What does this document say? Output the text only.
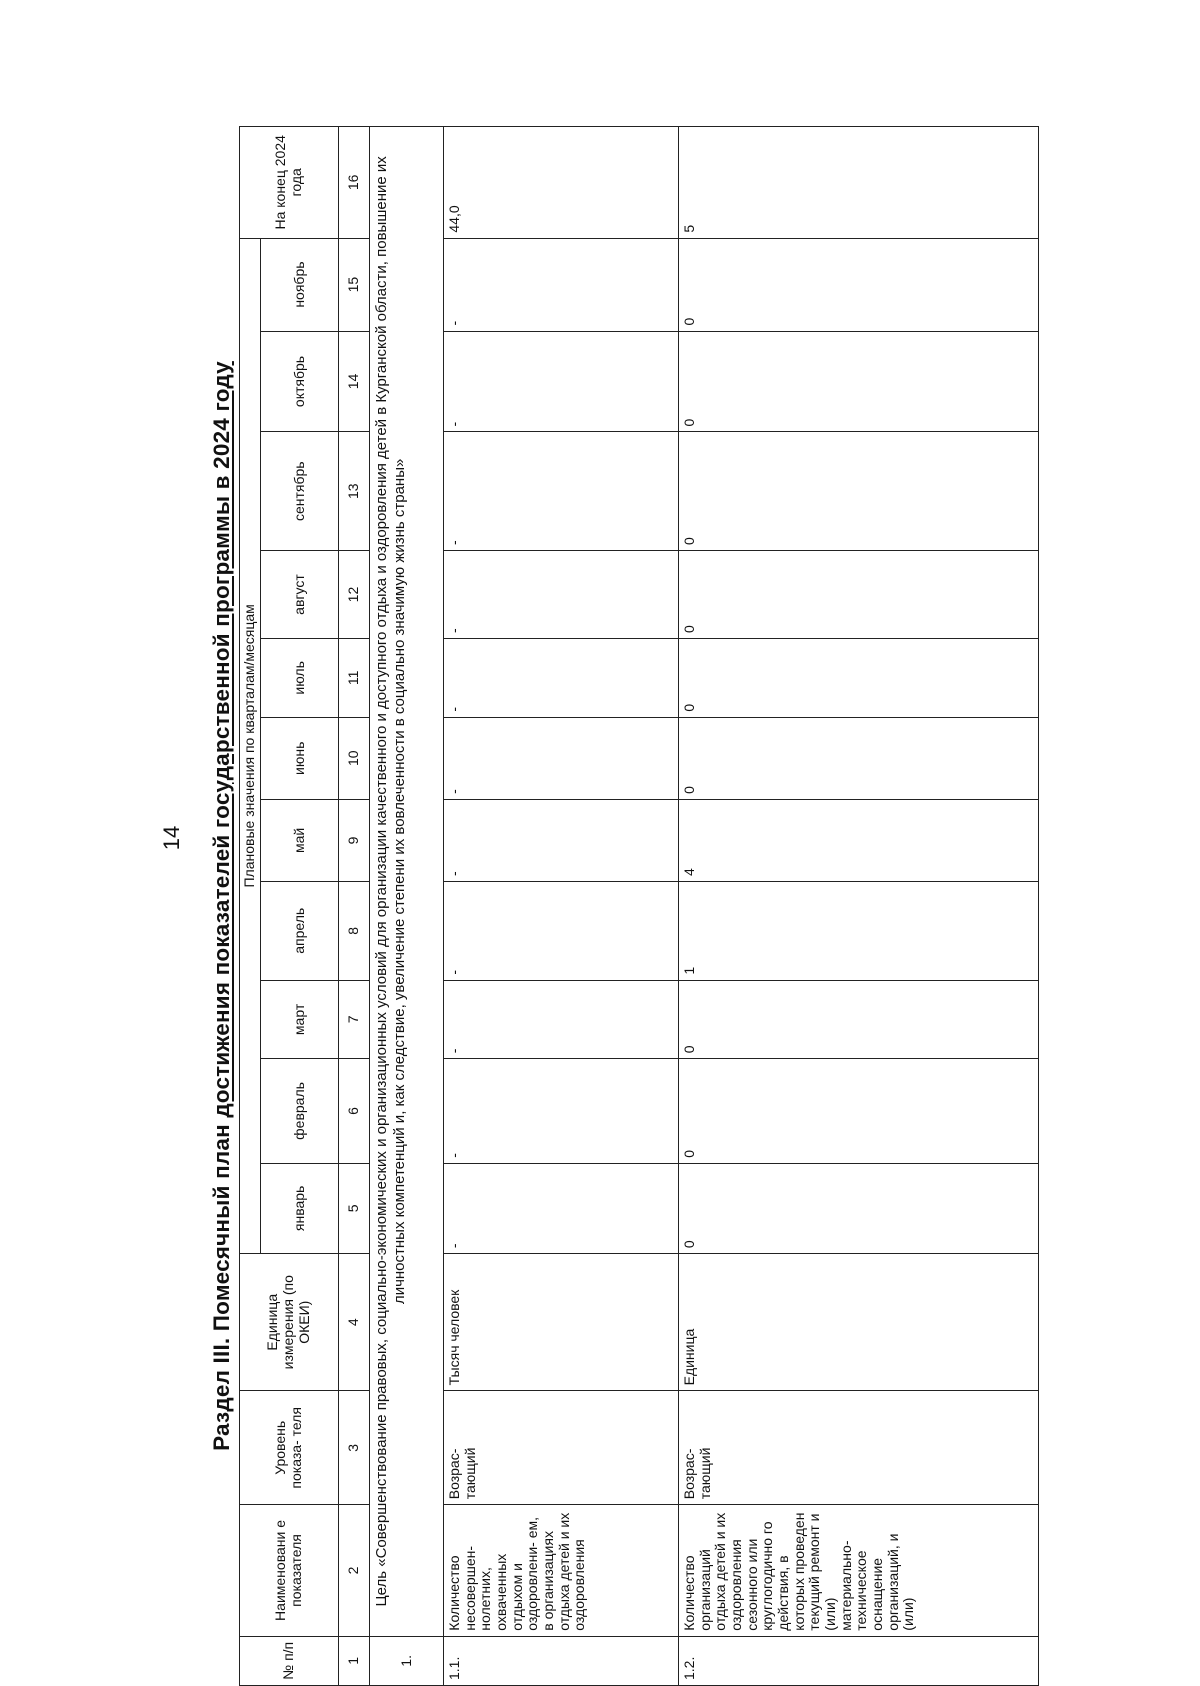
14
Раздел III. Помесячный план достижения показателей государственной программы в 2024 году
№ п/п	Наименовани е показателя	Уровень показа- теля	Единица измерения (по ОКЕИ)	Плановые значения по кварталам/месяцам											На конец 2024 года
				январь	февраль	март	апрель	май	июнь	июль	август	сентябрь	октябрь	ноябрь	
1	2	3	4	5	6	7	8	9	10	11	12	13	14	15	16
1.	Цель «Совершенствование правовых, социально-экономических и организационных условий для организации качественного и доступного отдыха и оздоровления детей в Курганской области, повышение их личностных компетенций и, как следствие, увеличение степени их вовлеченности в социально значимую жизнь страны»														
1.1.	Количество несовершен- нолетних, охваченных отдыхом и оздоровлени- ем, в организациях отдыха детей и их оздоровления	Возрас- тающий	Тысяч человек	-	-	-	-	-	-	-	-	-	-	-	44,0
1.2.	Количество организаций отдыха детей и их оздоровления сезонного или круглогодично го действия, в которых проведен текущий ремонт и (или) материально- техническое оснащение организаций, и (или)	Возрас- тающий	Единица	0	0	0	1	4	0	0	0	0	0	0	5
